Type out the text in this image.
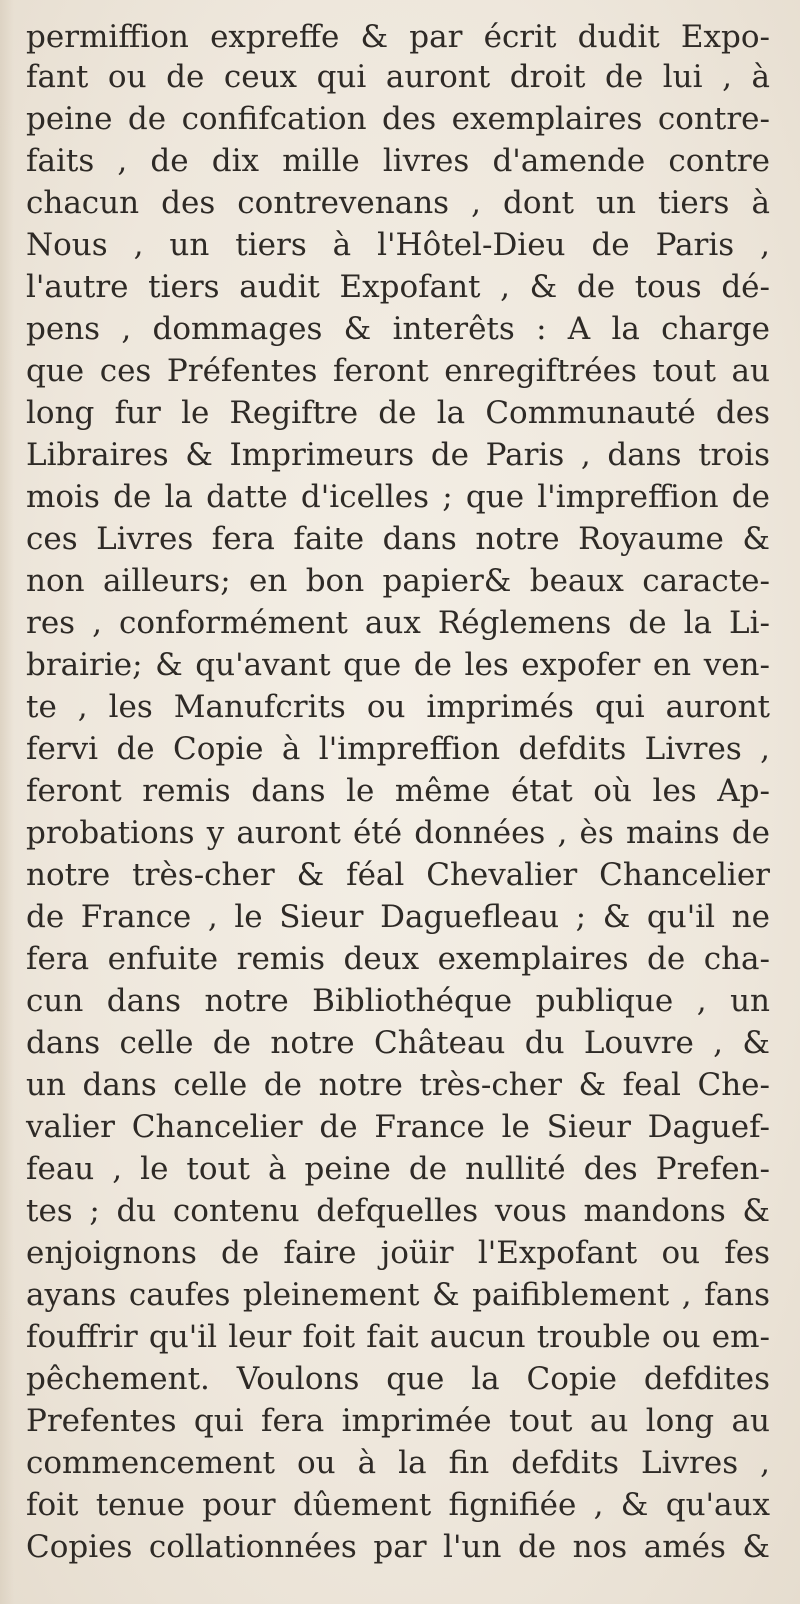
permiffion expreffe & par écrit dudit Expo-
fant ou de ceux qui auront droit de lui , à
peine de confifcation des exemplaires contre-
faits , de dix mille livres d'amende contre
chacun des contrevenans , dont un tiers à
Nous , un tiers à l'Hôtel-Dieu de Paris ,
l'autre tiers audit Expofant , & de tous dé-
pens , dommages & interêts : A la charge
que ces Préfentes feront enregiftrées tout au
long fur le Regiftre de la Communauté des
Libraires & Imprimeurs de Paris , dans trois
mois de la datte d'icelles ; que l'impreffion de
ces Livres fera faite dans notre Royaume &
non ailleurs; en bon papier& beaux caracte-
res , conformément aux Réglemens de la Li-
brairie; & qu'avant que de les expofer en ven-
te , les Manufcrits ou imprimés qui auront
fervi de Copie à l'impreffion defdits Livres ,
feront remis dans le même état où les Ap-
probations y auront été données , ès mains de
notre très-cher & féal Chevalier Chancelier
de France , le Sieur Daguefleau ; & qu'il ne
fera enfuite remis deux exemplaires de cha-
cun dans notre Bibliothéque publique , un
dans celle de notre Château du Louvre , &
un dans celle de notre très-cher & feal Che-
valier Chancelier de France le Sieur Daguef-
feau , le tout à peine de nullité des Prefen-
tes ; du contenu defquelles vous mandons &
enjoignons de faire joüir l'Expofant ou fes
ayans caufes pleinement & paifiblement , fans
fouffrir qu'il leur foit fait aucun trouble ou em-
pêchement. Voulons que la Copie defdites
Prefentes qui fera imprimée tout au long au
commencement ou à la fin defdits Livres ,
foit tenue pour dûement fignifiée , & qu'aux
Copies collationnées par l'un de nos amés &
